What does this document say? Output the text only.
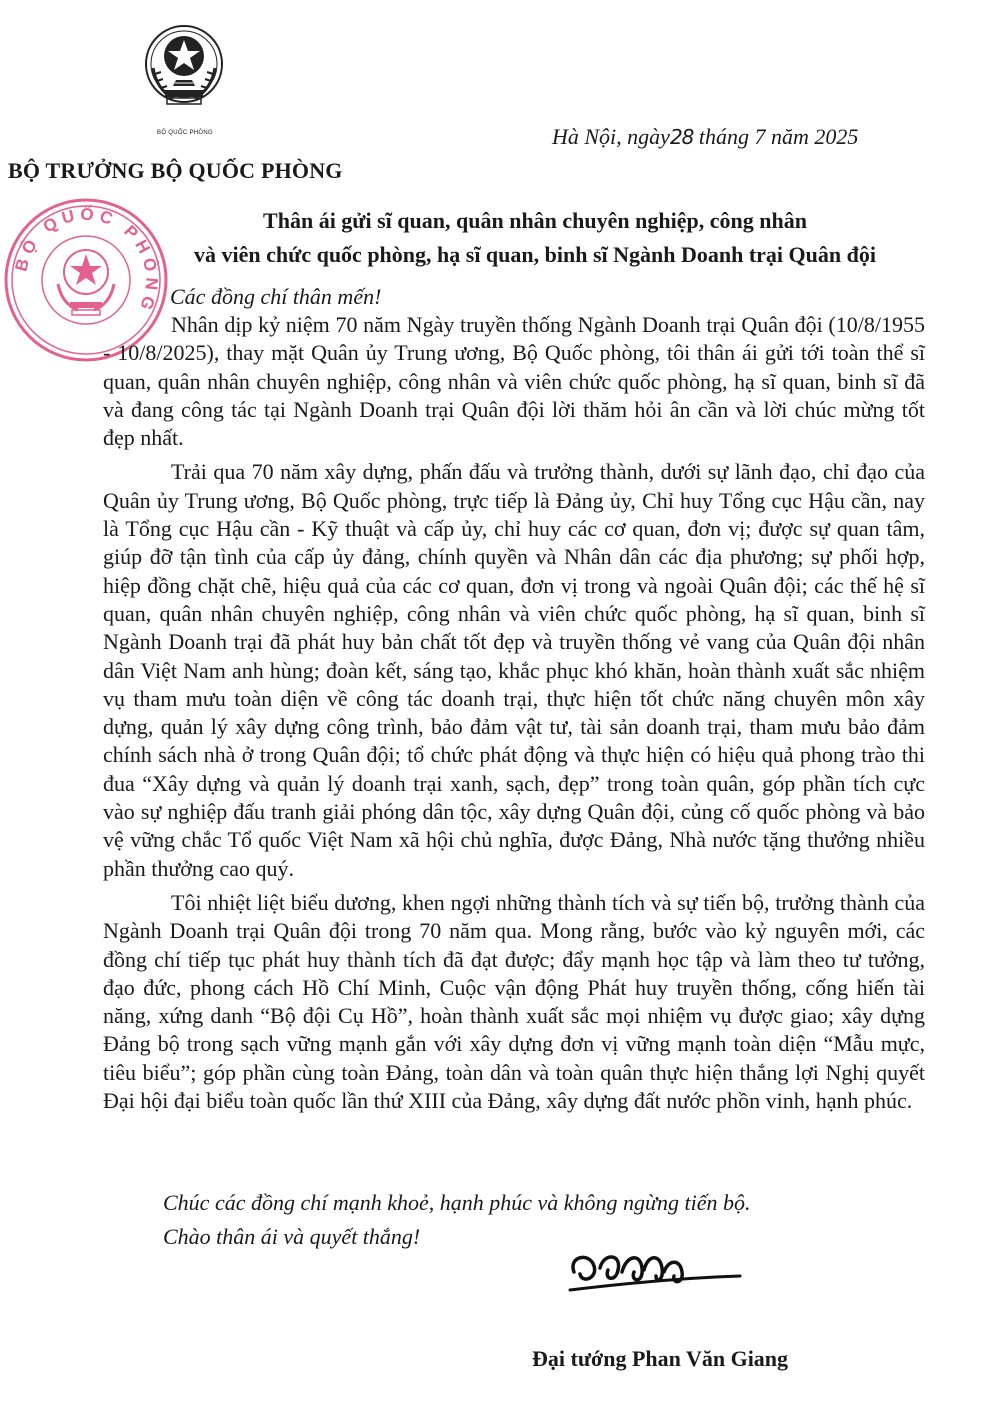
BỘ QUỐC PHÒNG	Hà Nội, ngày28 tháng 7 năm 2025
BỘ TRƯỞNG BỘ QUỐC PHÒNG
BỘ QUỐC PHÒNG

Thân ái gửi sĩ quan, quân nhân chuyên nghiệp, công nhân

và viên chức quốc phòng, hạ sĩ quan, binh sĩ Ngành Doanh trại Quân đội

Các đồng chí thân mến!

Nhân dịp kỷ niệm 70 năm Ngày truyền thống Ngành Doanh trại Quân đội (10/8/1955 - 10/8/2025), thay mặt Quân ủy Trung ương, Bộ Quốc phòng, tôi thân ái gửi tới toàn thể sĩ quan, quân nhân chuyên nghiệp, công nhân và viên chức quốc phòng, hạ sĩ quan, binh sĩ đã và đang công tác tại Ngành Doanh trại Quân đội lời thăm hỏi ân cần và lời chúc mừng tốt đẹp nhất.

Trải qua 70 năm xây dựng, phấn đấu và trưởng thành, dưới sự lãnh đạo, chỉ đạo của Quân ủy Trung ương, Bộ Quốc phòng, trực tiếp là Đảng ủy, Chỉ huy Tổng cục Hậu cần, nay là Tổng cục Hậu cần - Kỹ thuật và cấp ủy, chỉ huy các cơ quan, đơn vị; được sự quan tâm, giúp đỡ tận tình của cấp ủy đảng, chính quyền và Nhân dân các địa phương; sự phối hợp, hiệp đồng chặt chẽ, hiệu quả của các cơ quan, đơn vị trong và ngoài Quân đội; các thế hệ sĩ quan, quân nhân chuyên nghiệp, công nhân và viên chức quốc phòng, hạ sĩ quan, binh sĩ Ngành Doanh trại đã phát huy bản chất tốt đẹp và truyền thống vẻ vang của Quân đội nhân dân Việt Nam anh hùng; đoàn kết, sáng tạo, khắc phục khó khăn, hoàn thành xuất sắc nhiệm vụ tham mưu toàn diện về công tác doanh trại, thực hiện tốt chức năng chuyên môn xây dựng, quản lý xây dựng công trình, bảo đảm vật tư, tài sản doanh trại, tham mưu bảo đảm chính sách nhà ở trong Quân đội; tổ chức phát động và thực hiện có hiệu quả phong trào thi đua “Xây dựng và quản lý doanh trại xanh, sạch, đẹp” trong toàn quân, góp phần tích cực vào sự nghiệp đấu tranh giải phóng dân tộc, xây dựng Quân đội, củng cố quốc phòng và bảo vệ vững chắc Tổ quốc Việt Nam xã hội chủ nghĩa, được Đảng, Nhà nước tặng thưởng nhiều phần thưởng cao quý.

Tôi nhiệt liệt biểu dương, khen ngợi những thành tích và sự tiến bộ, trưởng thành của Ngành Doanh trại Quân đội trong 70 năm qua. Mong rằng, bước vào kỷ nguyên mới, các đồng chí tiếp tục phát huy thành tích đã đạt được; đẩy mạnh học tập và làm theo tư tưởng, đạo đức, phong cách Hồ Chí Minh, Cuộc vận động Phát huy truyền thống, cống hiến tài năng, xứng danh “Bộ đội Cụ Hồ”, hoàn thành xuất sắc mọi nhiệm vụ được giao; xây dựng Đảng bộ trong sạch vững mạnh gắn với xây dựng đơn vị vững mạnh toàn diện “Mẫu mực, tiêu biểu”; góp phần cùng toàn Đảng, toàn dân và toàn quân thực hiện thắng lợi Nghị quyết Đại hội đại biểu toàn quốc lần thứ XIII của Đảng, xây dựng đất nước phồn vinh, hạnh phúc.

Chúc các đồng chí mạnh khoẻ, hạnh phúc và không ngừng tiến bộ.

Chào thân ái và quyết thắng!

Đại tướng Phan Văn Giang
